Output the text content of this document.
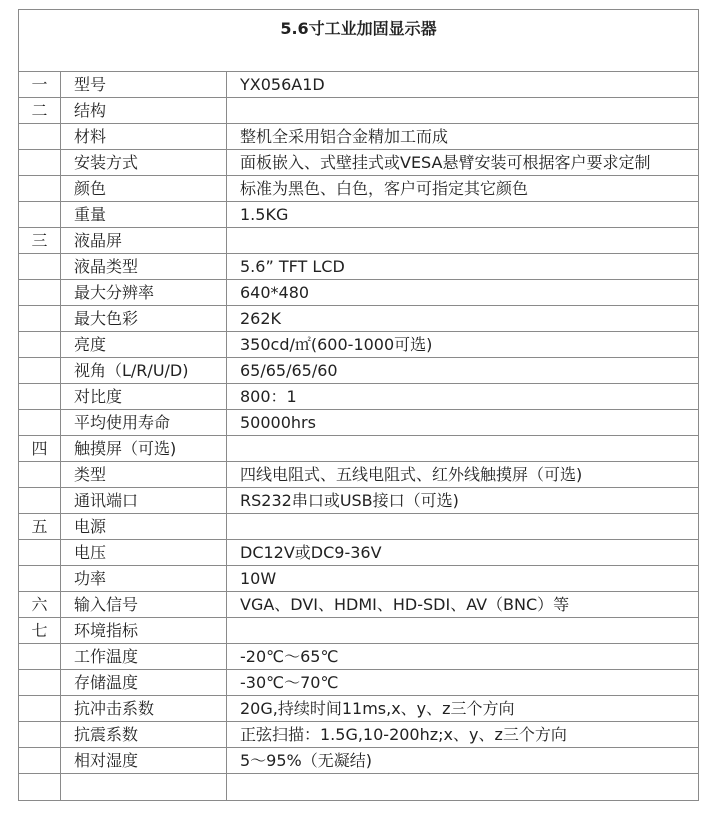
5.6寸工业加固显示器		
一	型号	YX056A1D
二	结构	
	材料	整机全采用铝合金精加工而成
	安装方式	面板嵌入、式壁挂式或VESA悬臂安装可根据客户要求定制
	颜色	标准为黑色、白色，客户可指定其它颜色
	重量	1.5KG
三	液晶屏	
	液晶类型	5.6” TFT LCD
	最大分辨率	640*480
	最大色彩	262K
	亮度	350cd/㎡(600-1000可选)
	视角（L/R/U/D)	65/65/65/60
	对比度	800：1
	平均使用寿命	50000hrs
四	触摸屏（可选)	
	类型	四线电阻式、五线电阻式、红外线触摸屏（可选)
	通讯端口	RS232串口或USB接口（可选)
五	电源	
	电压	DC12V或DC9-36V
	功率	10W
六	输入信号	VGA、DVI、HDMI、HD-SDI、AV（BNC）等
七	环境指标	
	工作温度	-20℃～65℃
	存储温度	-30℃～70℃
	抗冲击系数	20G,持续时间11ms,x、y、z三个方向
	抗震系数	正弦扫描：1.5G,10-200hz;x、y、z三个方向
	相对湿度	5～95%（无凝结)
